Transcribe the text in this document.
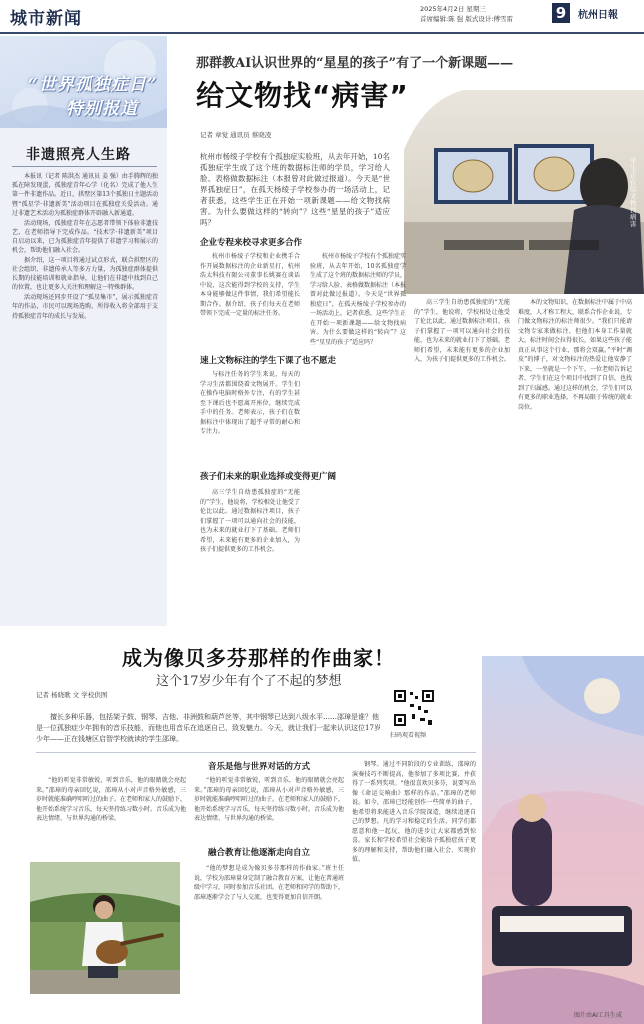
城市新闻	2025年4月2日 星期三
首席编辑:陈 强 版式设计:傅雪雷	9	杭州日報
“世界孤独症日”
特别报道
非遗照亮人生路

本报讯（记者 陈洪杰 通讯员 姜 强）由手腾辉的独孤在障发现蛋，孤独症青年心学（化名）完成了他人生第一件非遗作品。近日，拱墅区第13个孤独日主题活动暨“孤星学·非遗新美”活动项目在孤独症关爱活动。通过非遗艺术活动为孤独症群体开辟融入新通道。

活动现场，孤独症青年在志愿者带领下体验非遗技艺，在老师指导下完成作品。“技术学·非遗新美”项目自启动以来，已为孤独症青年提供了非遗学习和展示的机会，帮助他们融入社会。

据介绍，这一项目将通过试点形式，联合拱墅区的社会组织、非遗传承人等多方力量，为孤独症群体提供长期的技能培训和就业指导，让他们在非遗中找到自己的位置，也让更多人关注和理解这一特殊群体。

活动现场还同步开设了“孤星集市”，展示孤独症青年的作品，市民可以现场选购，所得收入将全部用于支持孤独症青年的成长与发展。

那群教AI认识世界的“星星的孩子”有了一个新课题——
给文物找“病害”
记者 章觉 通讯员 蔡晓凌
杭州市杨绫子学校有个孤独症实验班，从去年开始，10名孤独症学生成了这个班的数据标注师的学员，学习给人脸、表格做数据标注（本报曾对此做过报道）。今天是“世界孤独症日”，在孤天杨绫子学校参办的一场活动上，记者获悉，这些学生正在开始一项新课题——给文物找病害。为什么要做这样的“转向”？这些“星星的孩子”适应吗？
学生正在给文物找病害
企业专程来校寻求更多合作

杭州市杨绫子学校和企业携手合作开展数据标注的企业新星打，杭州浩太科技有限公司董事长姚赛在谈话中说，这次能得到学校的支持，学生本身能够做这件事情，我们希望能长期合作。据介绍，孩子们每天在老师带领下完成一定量的标注任务。

速上文物标注的学生下课了也不愿走

与标注任务的学生来说，每天的学习生活都围绕着文物展开。学生们在操作电脑时格外专注，有的学生甚至下课后也不愿离开座位，继续完成手中的任务。老师表示，孩子们在数据标注中体现出了超乎寻常的耐心和专注力。

孩子们未来的职业选择或变得更广阔

高三学生自幼患孤独症的“无能的”学生，他说将，学校相处让他受了伦比以此。通过数据标注项目，孩子们掌握了一项可以通向社会的技能，也为未来的就业打下了基础。老师们希望，未来能有更多的企业加入，为孩子们提供更多的工作机会。

杭州市杨绫子学校有个孤独症实验班，从去年开始，10名孤独症学生成了这个班的数据标注师的学员，学习给人脸、表格做数据标注（本报曾对此做过报道）。今天是“世界孤独症日”，在孤天杨绫子学校参办的一场活动上，记者获悉，这些学生正在开始一项新课题——给文物找病害。为什么要做这样的“转向”？这些“星星的孩子”适应吗？

高三学生自幼患孤独症的“无能的”学生，他说将，学校相处让他受了伦比以此。通过数据标注项目，孩子们掌握了一项可以通向社会的技能，也为未来的就业打下了基础。老师们希望，未来能有更多的企业加入，为孩子们提供更多的工作机会。

本的文物知识，在数据标注中属于中高难度，人才称工程大，联系合作企业说，专门做文物标注的标注师很少。“我们只能请文物专家来做标注，但他们本身工作量就大，标注时间会拉得很长，如果这些孩子能真正从事这个行业，那将会双赢。”平时“调皮”的博子，对文物标注的热爱让他安静了下来，一坐就是一个下午。一位老师告诉记者，学生们在这个项目中找到了自信，也找到了归属感。通过这样的机会，学生们可以有更多的职业选择，不再局限于传统的就业岗位。

成为像贝多芬那样的作曲家！
这个17岁少年有个了不起的梦想
记者 杨晓歌 文 学校供图
扫码观看视频
擅长多种乐器，包括架子鼓、钢琴、吉他、非洲鼓和葫芦丝等，其中钢琴已达到八级水平……邵璋是谁？他是一位孤独症少年拥有的音乐技能，而他也用音乐在追逐自己，致发魅力。今天，就让我们一起来认识这位17岁少年——正在钱塘区启智学校就读的学生邵璋。
音乐是他与世界对话的方式

“他的听觉非常敏锐，听到音乐，他的眼睛就会亮起来。”邵璋的母亲回忆说，邵璋从小对声音格外敏感，三岁时就能准确哼唱听过的曲子。在老师和家人的鼓励下，他开始系统学习音乐，每天坚持练习数小时。音乐成为他表达情绪、与世界沟通的桥梁。

“他的听觉非常敏锐，听到音乐，他的眼睛就会亮起来。”邵璋的母亲回忆说，邵璋从小对声音格外敏感，三岁时就能准确哼唱听过的曲子。在老师和家人的鼓励下，他开始系统学习音乐，每天坚持练习数小时。音乐成为他表达情绪、与世界沟通的桥梁。

融合教育让他逐渐走向自立

“他的梦想是成为像贝多芬那样的作曲家。”班主任说，学校为邵璋量身定制了融合教育方案，让他在普通班级中学习，同时参加音乐社团。在老师和同学的帮助下，邵璋逐渐学会了与人交流，也变得更加自信开朗。

钢琴。通过不同阶段的专业训练，邵璋的演奏技巧不断提高，他参加了多项比赛，并获得了一系列奖项。“他很喜欢贝多芬，说要写出像《命运交响曲》那样的作品。”邵璋的老师说。如今，邵璋已经能创作一些简单的曲子，他希望将来能进入音乐学院深造，继续追逐自己的梦想。凡的学习和稳定的生活，同学们都愿意和他一起玩，他的进步让大家都感到惊喜。家长和学校希望社会能给予孤独症孩子更多的理解和支持，帮助他们融入社会、实现价值。

图片由AI工具生成
